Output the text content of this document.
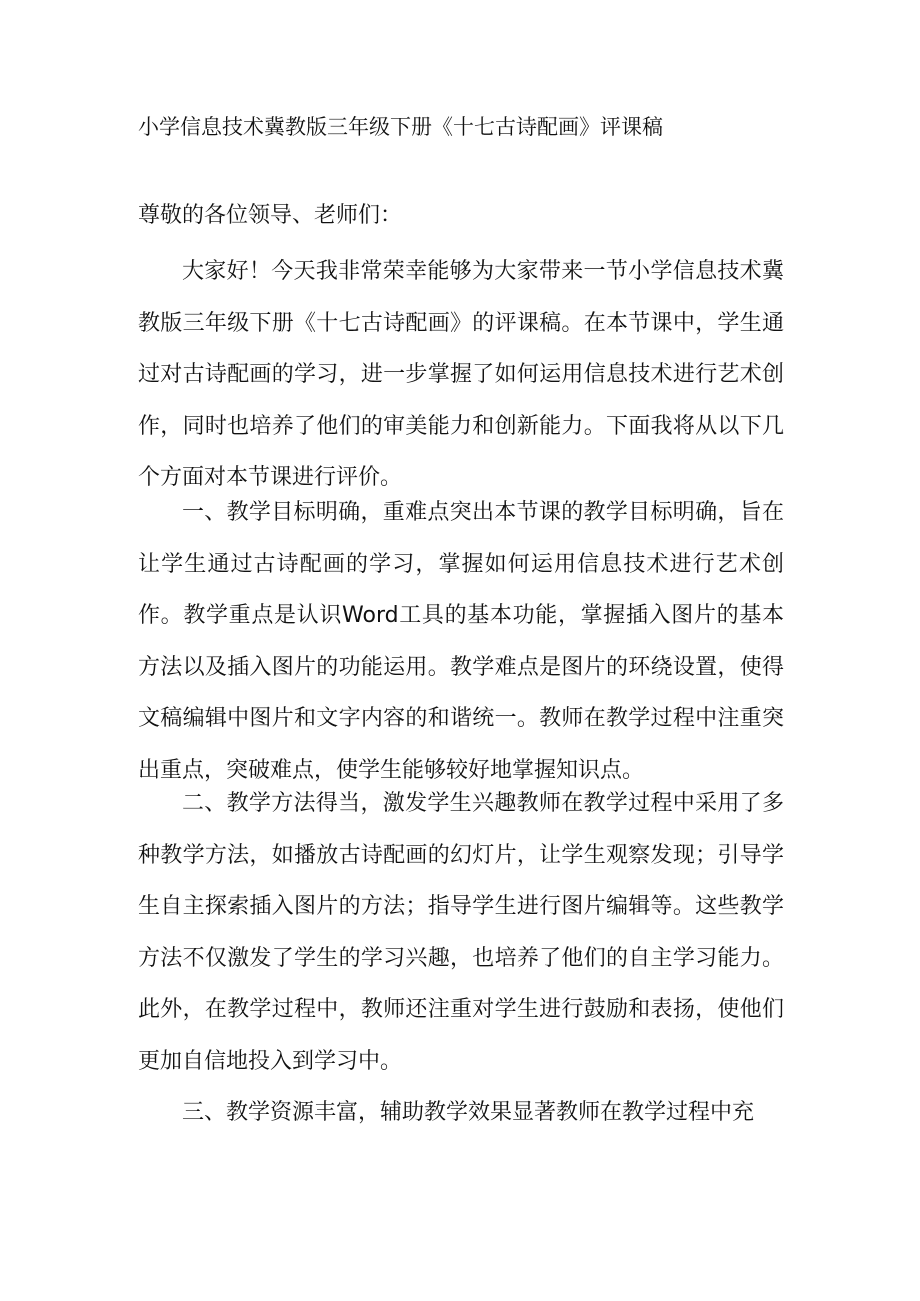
小学信息技术冀教版三年级下册《十七古诗配画》评课稿
尊敬的各位领导、老师们：

大家好！今天我非常荣幸能够为大家带来一节小学信息技术冀教版三年级下册《十七古诗配画》的评课稿。在本节课中，学生通过对古诗配画的学习，进一步掌握了如何运用信息技术进行艺术创作，同时也培养了他们的审美能力和创新能力。下面我将从以下几个方面对本节课进行评价。

一、教学目标明确，重难点突出本节课的教学目标明确，旨在让学生通过古诗配画的学习，掌握如何运用信息技术进行艺术创作。教学重点是认识Word工具的基本功能，掌握插入图片的基本方法以及插入图片的功能运用。教学难点是图片的环绕设置，使得文稿编辑中图片和文字内容的和谐统一。教师在教学过程中注重突出重点，突破难点，使学生能够较好地掌握知识点。

二、教学方法得当，激发学生兴趣教师在教学过程中采用了多种教学方法，如播放古诗配画的幻灯片，让学生观察发现；引导学生自主探索插入图片的方法；指导学生进行图片编辑等。这些教学方法不仅激发了学生的学习兴趣，也培养了他们的自主学习能力。此外，在教学过程中，教师还注重对学生进行鼓励和表扬，使他们更加自信地投入到学习中。

三、教学资源丰富，辅助教学效果显著教师在教学过程中充
